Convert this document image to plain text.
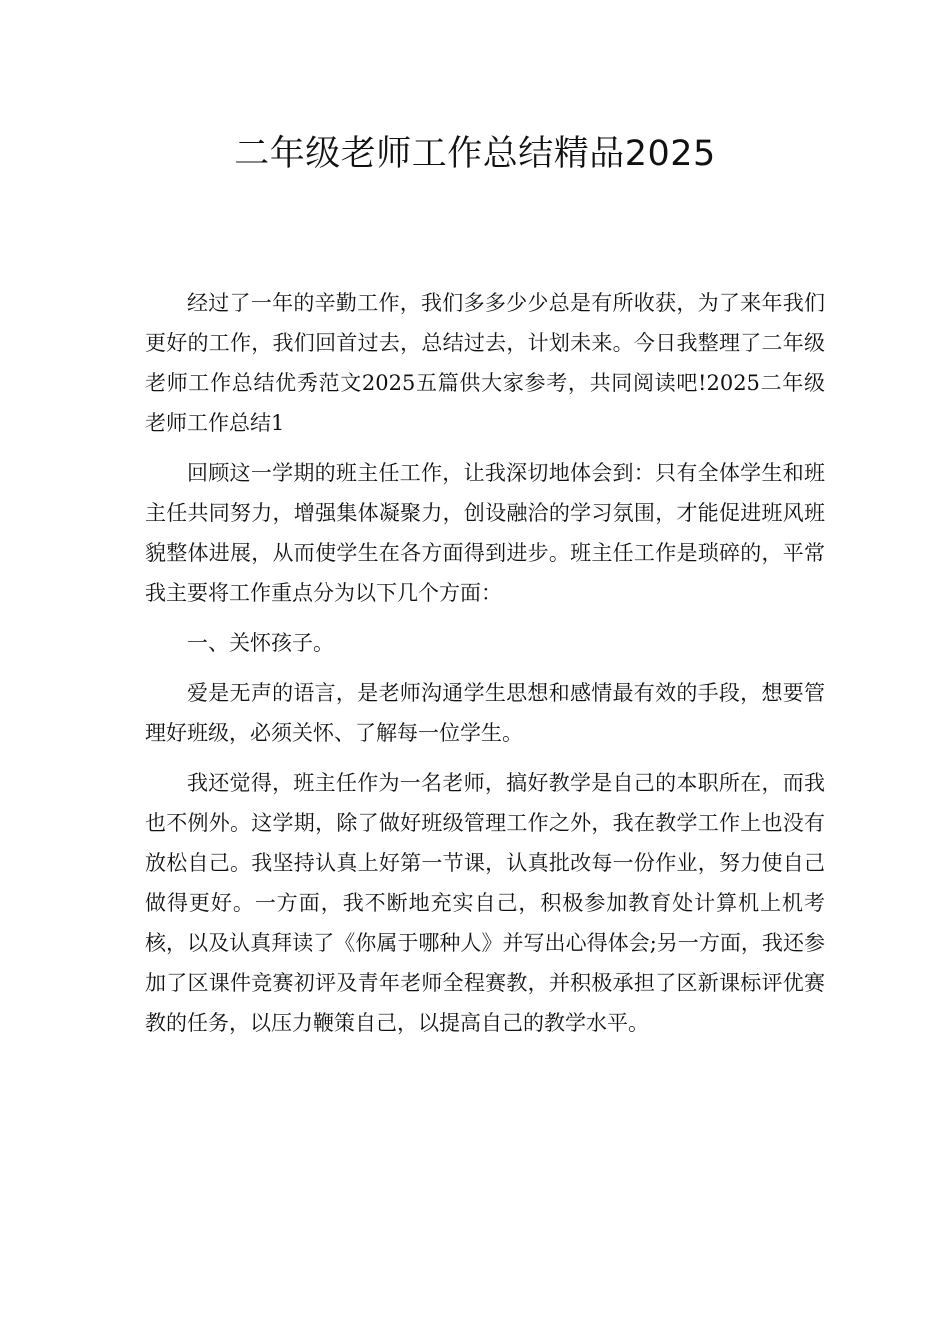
二年级老师工作总结精品2025

经过了一年的辛勤工作，我们多多少少总是有所收获，为了来年我们更好的工作，我们回首过去，总结过去，计划未来。今日我整理了二年级老师工作总结优秀范文2025五篇供大家参考，共同阅读吧!2025二年级老师工作总结1

回顾这一学期的班主任工作，让我深切地体会到：只有全体学生和班主任共同努力，增强集体凝聚力，创设融洽的学习氛围，才能促进班风班貌整体进展，从而使学生在各方面得到进步。班主任工作是琐碎的，平常我主要将工作重点分为以下几个方面：

一、关怀孩子。

爱是无声的语言，是老师沟通学生思想和感情最有效的手段，想要管理好班级，必须关怀、了解每一位学生。

我还觉得，班主任作为一名老师，搞好教学是自己的本职所在，而我也不例外。这学期，除了做好班级管理工作之外，我在教学工作上也没有放松自己。我坚持认真上好第一节课，认真批改每一份作业，努力使自己做得更好。一方面，我不断地充实自己，积极参加教育处计算机上机考核，以及认真拜读了《你属于哪种人》并写出心得体会;另一方面，我还参加了区课件竞赛初评及青年老师全程赛教，并积极承担了区新课标评优赛教的任务，以压力鞭策自己，以提高自己的教学水平。
